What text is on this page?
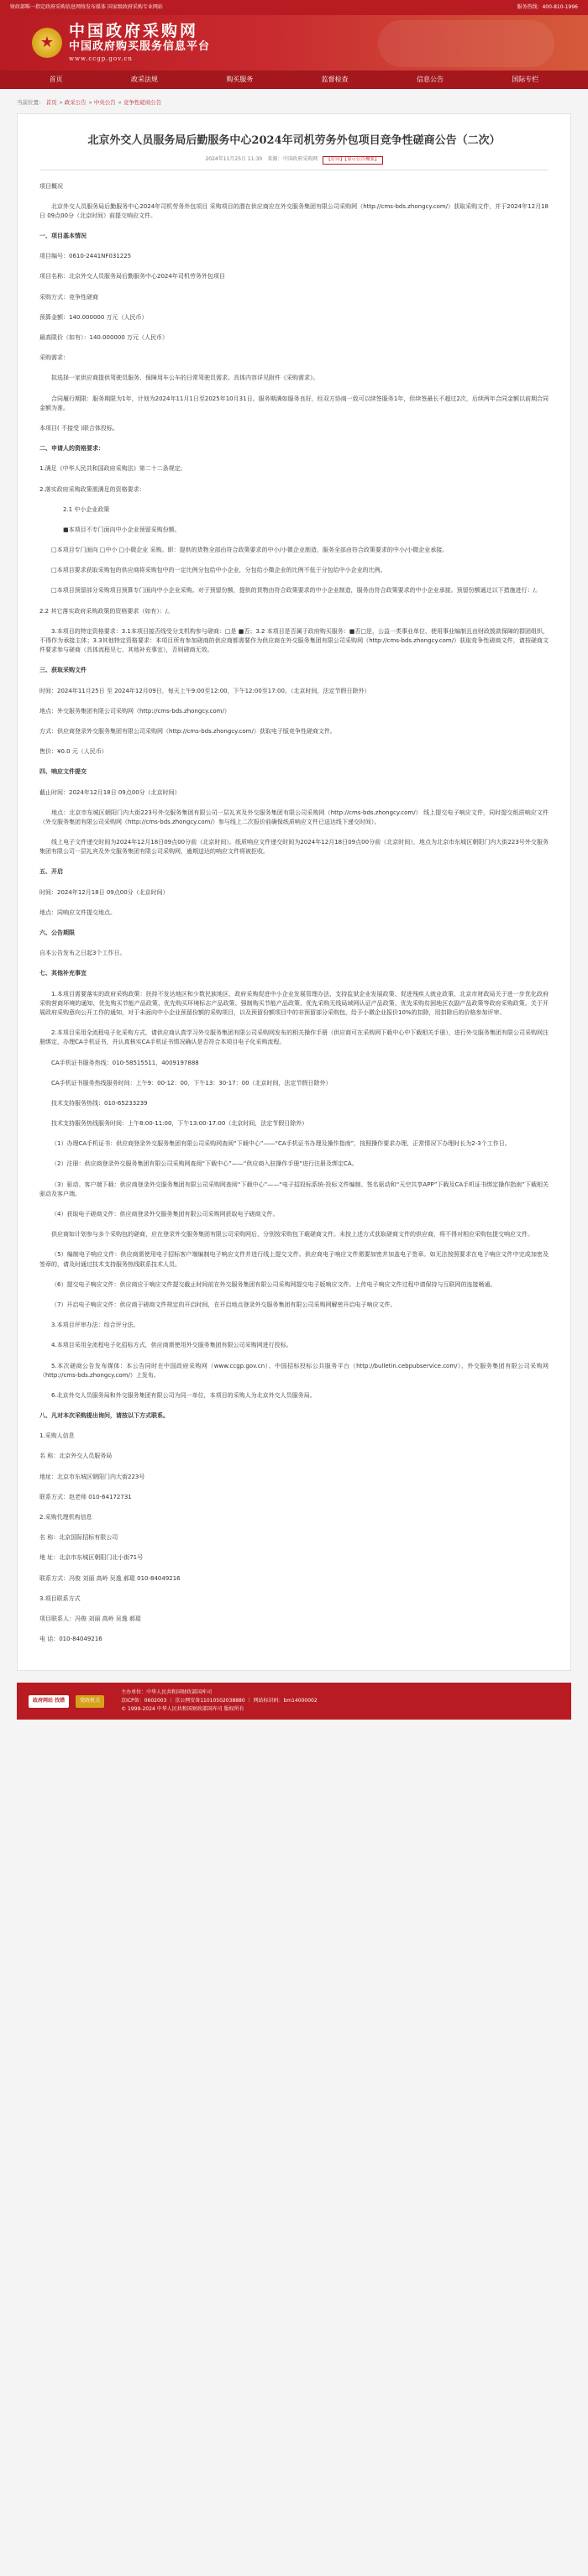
财政部唯一指定政府采购信息网络发布媒体 国家级政府采购专业网站	服务热线：400-810-1996
★
中国政府采购网
中国政府购买服务信息平台
www.ccgp.gov.cn
首页	政采法规	购买服务	监督检查	信息公告	国际专栏
当前位置： 首页 » 政采公告 » 中央公告 » 竞争性磋商公告
北京外交人员服务局后勤服务中心2024年司机劳务外包项目竞争性磋商公告（二次）
2024年11月25日 11:30 来源：中国政府采购网	【打印】【显示公告概要】

项目概况

北京外交人员服务局后勤服务中心2024年司机劳务外包项目 采购项目的潜在供应商应在外交服务集团有限公司采购网（http://cms-bds.zhongcy.com/）获取采购文件，并于2024年12月18日 09点00分（北京时间）前提交响应文件。

一、项目基本情况

项目编号：0610-2441NF031225

项目名称：北京外交人员服务局后勤服务中心2024年司机劳务外包项目

采购方式：竞争性磋商

预算金额：140.000000 万元（人民币）

最高限价（如有）：140.000000 万元（人民币）

采购需求：

拟选择一家供应商提供驾驶员服务、保障用车公车的日常驾驶员需求。具体内容详见附件《采购需求》。

合同履行期限：服务期限为1年，计划为2024年11月1日至2025年10月31日。服务期满如服务良好，经双方协商一致可以续签服务1年，但续签最长不超过2次，后续两年合同金额以前期合同金额为准。

本项目( 不接受 )联合体投标。

二、申请人的资格要求：

1.满足《中华人民共和国政府采购法》第二十二条规定;

2.落实政府采购政策需满足的资格要求：

2.1 中小企业政策

■本项目不专门面向中小企业预留采购份额。

□本项目专门面向 □中小 □小微企业 采购。即：提供的货物全部由符合政策要求的中小/小微企业制造，服务全部由符合政策要求的中小/小微企业承接。

□本项目要求获取采购包的供应商将采购包中的一定比例分包给中小企业，分包给小微企业的比例不低于分包给中小企业的比例。

□本项目预留部分采购项目预算专门面向中小企业采购。对于预留份额，提供的货物由符合政策要求的中小企业制造，服务由符合政策要求的中小企业承接。预留份额通过以下措施进行：/。

2.2 其它落实政府采购政策的资格要求（如有）：/。

3.本项目的特定资格要求：3.1本项目接否线受分支机构参与磋商：□是 ■否；3.2 本项目是否属于政府购买服务：■否□是，公益一类事业单位、使用事业编制且由财政拨款保障的群团组织，不得作为承接主体；3.3其他特定资格要求：本项目所有参加磋商的供应商都需要作为供应商在外交服务集团有限公司采购网（http://cms-bds.zhongcy.com/）获取竞争性磋商文件，请按磋商文件要求参与磋商（具体流程见七、其他补充事宜），否则磋商无效。

三、获取采购文件

时间：2024年11月25日 至 2024年12月09日，每天上午9:00至12:00，下午12:00至17:00。（北京时间，法定节假日除外）

地点：外交服务集团有限公司采购网（http://cms-bds.zhongcy.com/）

方式：供应商登录外交服务集团有限公司采购网（http://cms-bds.zhongcy.com/）获取电子版竞争性磋商文件。

售价：¥0.0 元（人民币）

四、响应文件提交

截止时间：2024年12月18日 09点00分（北京时间）

地点：北京市东城区朝阳门内大街223号外交服务集团有限公司一层礼宾及外交服务集团有限公司采购网（http://cms-bds.zhongcy.com/） 线上提交电子响应文件，同时提交纸质响应文件（外交服务集团有限公司采购网（http://cms-bds.zhongcy.com/）参与线上二次报价前确保纸质响应文件已送达线下递交时间）。

线上电子文件递交时间为2024年12月18日09点00分前（北京时间）。纸质响应文件递交时间为2024年12月18日09点00分前（北京时间），地点为北京市东城区朝阳门内大街223号外交服务集团有限公司一层礼宾及外交服务集团有限公司采购网，逾期送达的响应文件将被拒收。

五、开启

时间：2024年12月18日 09点00分（北京时间）

地点：同响应文件提交地点。

六、公告期限

自本公告发布之日起3个工作日。

七、其他补充事宜

1.本项目需要落实的政府采购政策：扶持不发达地区和少数民族地区、政府采购促进中小企业发展管理办法、支持监狱企业发展政策、促进残疾人就业政策、北京市财政局关于进一步优化政府采购营商环境的通知、优先购买节能产品政策、优先购买环境标志产品政策、强制购买节能产品政策、优先采购无线局域网认证产品政策、优先采购贫困地区农副产品政策等政府采购政策。关于开展政府采购意向公开工作的通知，对于未面向中小企业预留份额的采购项目，以及预留份额项目中的非预留部分采购包，给予小微企业报价10%的扣除，用扣除后的价格参加评审。

2.本项目采用全流程电子化采购方式，请供应商认真学习外交服务集团有限公司采购网发布的相关操作手册（供应商可在采购网下载中心中下载相关手册），进行外交服务集团有限公司采购网注册绑定，办理CA手机证书，并认真核实CA手机证书情况确认是否符合本项目电子化采购流程。

CA手机证书服务热线：010-58515511，4009197888

CA手机证书服务热线服务时间：上午9：00-12：00，下午13：30-17：00（北京时间，法定节假日除外）

技术支持服务热线：010-65233239

技术支持服务热线服务时间：上午8:00-11:00，下午13:00-17:00（北京时间，法定节假日除外）

（1）办理CA手机证书：供应商登录外交服务集团有限公司采购网查阅“下载中心”——“CA手机证书办理及操作指南”，按照操作要求办理，正常情况下办理时长为2-3个工作日。

（2）注册：供应商登录外交服务集团有限公司采购网查阅“下载中心”——“供应商入驻操作手册”进行注册及绑定CA。

（3）驱动、客户端下载：供应商登录外交服务集团有限公司采购网查阅“下载中心”——“电子招投标系统-投标文件编制、签名驱动和“天空共享APP”下载及CA手机证书绑定操作指南”下载相关驱动及客户端。

（4）获取电子磋商文件：供应商登录外交服务集团有限公司采购网获取电子磋商文件。

供应商如计划参与多个采购包的磋商，应在登录外交服务集团有限公司采购网后，分别按采购包下载磋商文件。未按上述方式获取磋商文件的供应商，将不得对相应采购包提交响应文件。

（5）编制电子响应文件：供应商需使用电子招标客户端编制电子响应文件并进行线上提交文件。供应商电子响应文件需要加密并加盖电子签章。如无法按照要求在电子响应文件中完成加密及签章的，请及时通过技术支持服务热线联系技术人员。

（6）提交电子响应文件：供应商应于响应文件提交截止时间前在外交服务集团有限公司采购网提交电子版响应文件。上传电子响应文件过程中请保持与互联网的连接畅通。

（7）开启电子响应文件：供应商于磋商文件规定的开启时间，在开启地点登录外交服务集团有限公司采购网解密开启电子响应文件。

3.本项目评审办法：综合评分法。

4.本项目采用全流程电子化招标方式，供应商需使用外交服务集团有限公司采购网进行投标。

5.本次磋商公告发布媒体：本公告同时在中国政府采购网（www.ccgp.gov.cn）、中国招标投标公共服务平台（http://bulletin.cebpubservice.com/）、外交服务集团有限公司采购网（http://cms-bds.zhongcy.com/）上发布。

6.北京外交人员服务局和外交服务集团有限公司为同一单位，本项目的采购人为北京外交人员服务局。

八、凡对本次采购提出询问，请按以下方式联系。

1.采购人信息

名 称：北京外交人员服务局

地址：北京市东城区朝阳门内大街223号

联系方式：赵老师 010-64172731

2.采购代理机构信息

名 称：北京国际招标有限公司

地 址：北京市东城区朝阳门北小街71号

联系方式：冯俊 刘丽 高岭 吴逸 郝琨 010-84049216

3.项目联系方式

项目联系人：冯俊 刘丽 高岭 吴逸 郝琨

电 话：010-84049216

政府网站 找错	党政机关
主办单位：中华人民共和国财政部国库司
京ICP备：0602003 ｜ 京公网安备11010502038880 ｜ 网站标识码：bm14000002
© 1999-2024 中华人民共和国财政部国库司 版权所有
